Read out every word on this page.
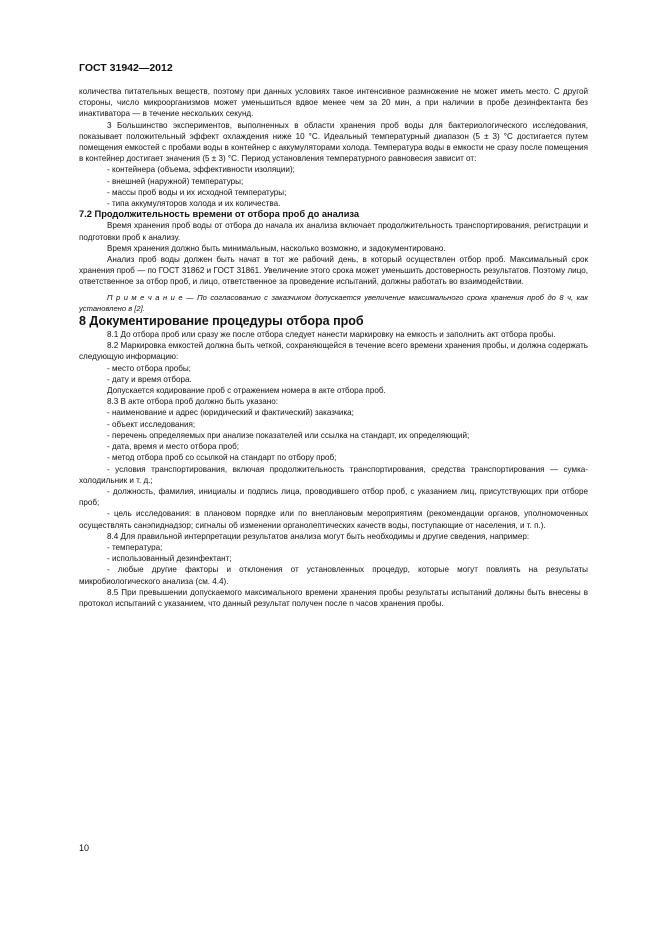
ГОСТ 31942—2012

количества питательных веществ, поэтому при данных условиях такое интенсивное размножение не может иметь место. С другой стороны, число микроорганизмов может уменьшиться вдвое менее чем за 20 мин, а при наличии в пробе дезинфектанта без инактиватора — в течение нескольких секунд.

3 Большинство экспериментов, выполненных в области хранения проб воды для бактериологического исследования, показывает положительный эффект охлаждения ниже 10 °С. Идеальный температурный диапазон (5 ± 3) °С достигается путем помещения емкостей с пробами воды в контейнер с аккумуляторами холода. Температура воды в емкости не сразу после помещения в контейнер достигает значения (5 ± 3) °С. Период установления температурного равновесия зависит от:

- контейнера (объема, эффективности изоляции);

- внешней (наружной) температуры;

- массы проб воды и их исходной температуры;

- типа аккумуляторов холода и их количества.

7.2 Продолжительность времени от отбора проб до анализа

Время хранения проб воды от отбора до начала их анализа включает продолжительность транспортирования, регистрации и подготовки проб к анализу.

Время хранения должно быть минимальным, насколько возможно, и задокументировано.

Анализ проб воды должен быть начат в тот же рабочий день, в который осуществлен отбор проб. Максимальный срок хранения проб — по ГОСТ 31862 и ГОСТ 31861. Увеличение этого срока может уменьшить достоверность результатов. Поэтому лицо, ответственное за отбор проб, и лицо, ответственное за проведение испытаний, должны работать во взаимодействии.

П р и м е ч а н и е — По согласованию с заказчиком допускается увеличение максимального срока хранения проб до 8 ч, как установлено в [2].

8 Документирование процедуры отбора проб

8.1 До отбора проб или сразу же после отбора следует нанести маркировку на емкость и заполнить акт отбора пробы.

8.2 Маркировка емкостей должна быть четкой, сохраняющейся в течение всего времени хранения пробы, и должна содержать следующую информацию:

- место отбора пробы;

- дату и время отбора.

Допускается кодирование проб с отражением номера в акте отбора проб.

8.3 В акте отбора проб должно быть указано:

- наименование и адрес (юридический и фактический) заказчика;

- объект исследования;

- перечень определяемых при анализе показателей или ссылка на стандарт, их определяющий;

- дата, время и место отбора проб;

- метод отбора проб со ссылкой на стандарт по отбору проб;

- условия транспортирования, включая продолжительность транспортирования, средства транспортирования — сумка-холодильник и т. д.;

- должность, фамилия, инициалы и подпись лица, проводившего отбор проб, с указанием лиц, присутствующих при отборе проб;

- цель исследования: в плановом порядке или по внеплановым мероприятиям (рекомендации органов, уполномоченных осуществлять санэпиднадзор; сигналы об изменении органолептических качеств воды, поступающие от населения, и т. п.).

8.4 Для правильной интерпретации результатов анализа могут быть необходимы и другие сведения, например:

- температура;

- использованный дезинфектант;

- любые другие факторы и отклонения от установленных процедур, которые могут повлиять на результаты микробиологического анализа (см. 4.4).

8.5 При превышении допускаемого максимального времени хранения пробы результаты испытаний должны быть внесены в протокол испытаний с указанием, что данный результат получен после n часов хранения пробы.

10
